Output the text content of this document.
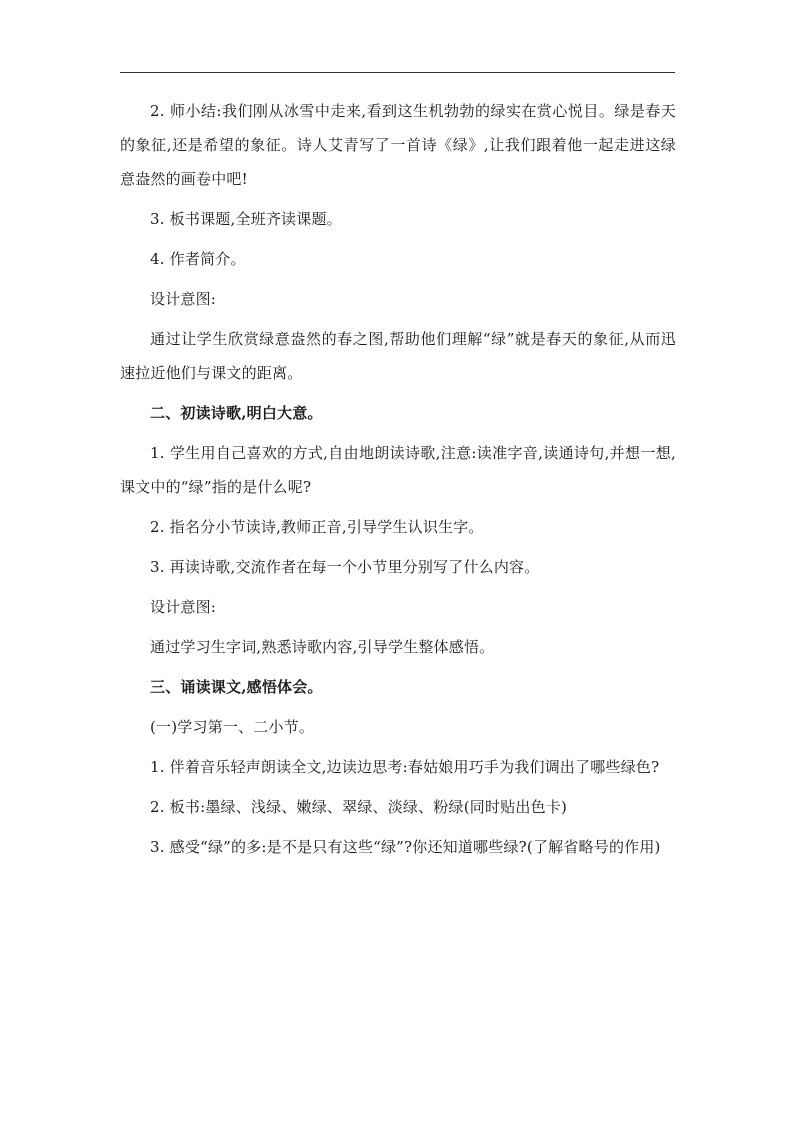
2. 师小结:我们刚从冰雪中走来,看到这生机勃勃的绿实在赏心悦目。绿是春天的象征,还是希望的象征。诗人艾青写了一首诗《绿》,让我们跟着他一起走进这绿意盎然的画卷中吧!

3. 板书课题,全班齐读课题。

4. 作者简介。

设计意图:

通过让学生欣赏绿意盎然的春之图,帮助他们理解“绿”就是春天的象征,从而迅速拉近他们与课文的距离。

二、初读诗歌,明白大意。

1. 学生用自己喜欢的方式,自由地朗读诗歌,注意:读准字音,读通诗句,并想一想,课文中的“绿”指的是什么呢?

2. 指名分小节读诗,教师正音,引导学生认识生字。

3. 再读诗歌,交流作者在每一个小节里分别写了什么内容。

设计意图:

通过学习生字词,熟悉诗歌内容,引导学生整体感悟。

三、诵读课文,感悟体会。

(一)学习第一、二小节。

1. 伴着音乐轻声朗读全文,边读边思考:春姑娘用巧手为我们调出了哪些绿色?

2. 板书:墨绿、浅绿、嫩绿、翠绿、淡绿、粉绿(同时贴出色卡)

3. 感受“绿”的多:是不是只有这些“绿”?你还知道哪些绿?(了解省略号的作用)
